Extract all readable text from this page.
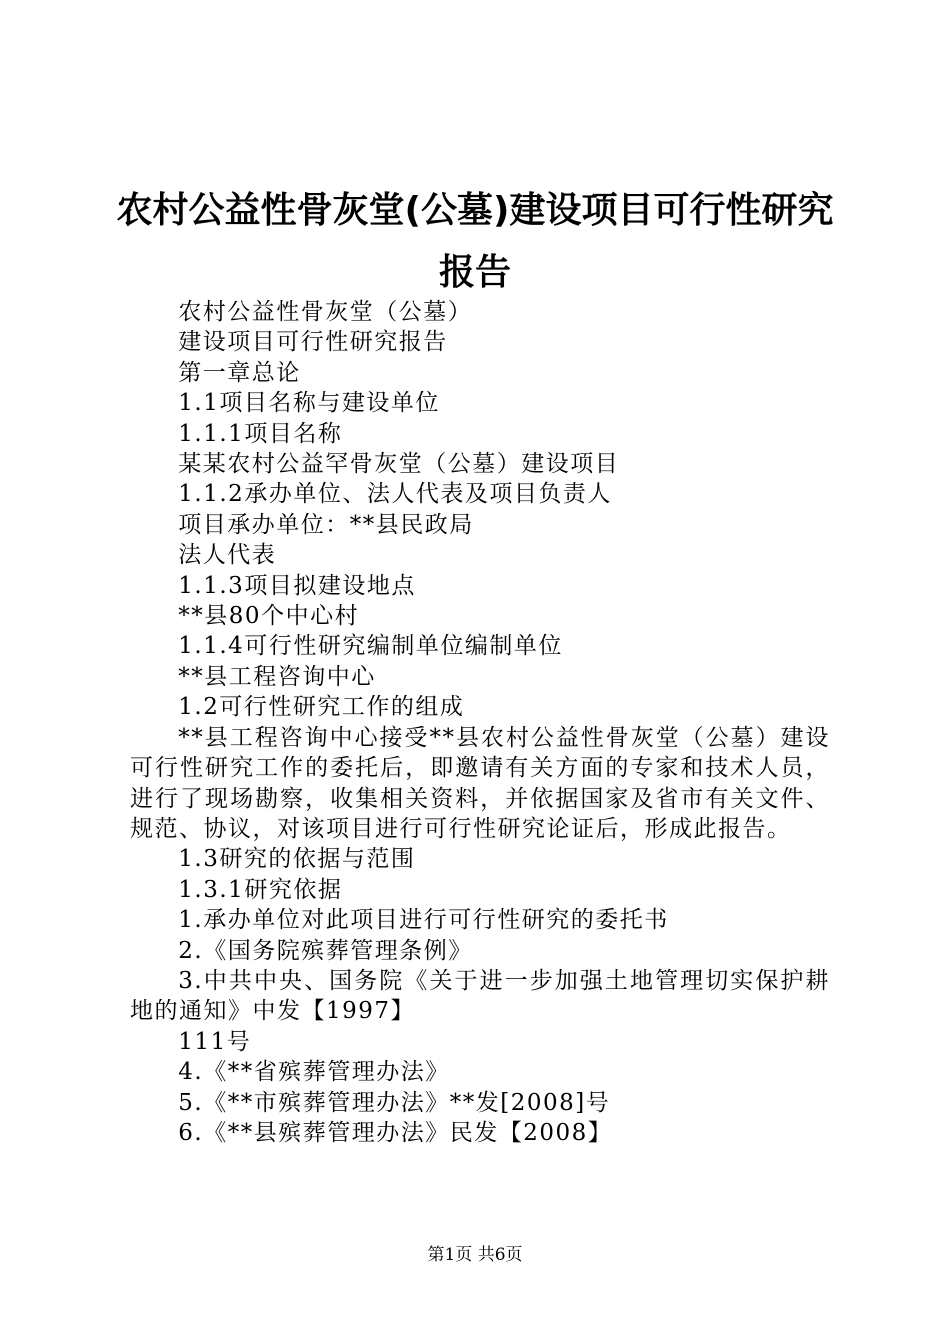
农村公益性骨灰堂(公墓)建设项目可行性研究报告

农村公益性骨灰堂（公墓）

建设项目可行性研究报告

第一章总论

1.1项目名称与建设单位

1.1.1项目名称

某某农村公益罕骨灰堂（公墓）建设项目

1.1.2承办单位、法人代表及项目负责人

项目承办单位：**县民政局

法人代表

1.1.3项目拟建设地点

**县80个中心村

1.1.4可行性研究编制单位编制单位

**县工程咨询中心

1.2可行性研究工作的组成

**县工程咨询中心接受**县农村公益性骨灰堂（公墓）建设可行性研究工作的委托后，即邀请有关方面的专家和技术人员，进行了现场勘察，收集相关资料，并依据国家及省市有关文件、规范、协议，对该项目进行可行性研究论证后，形成此报告。

1.3研究的依据与范围

1.3.1研究依据

1.承办单位对此项目进行可行性研究的委托书

2.《国务院殡葬管理条例》

3.中共中央、国务院《关于进一步加强土地管理切实保护耕地的通知》中发【1997】

111号

4.《**省殡葬管理办法》

5.《**市殡葬管理办法》**发[2008]号

6.《**县殡葬管理办法》民发【2008】

第1页 共6页
